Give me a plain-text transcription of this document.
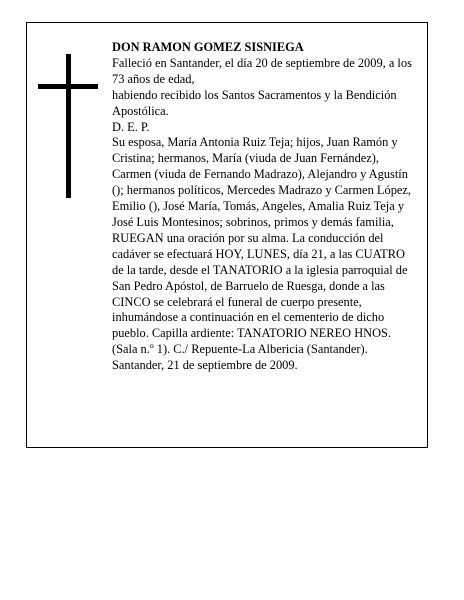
DON RAMON GOMEZ SISNIEGA

Falleció en Santander, el día 20 de septiembre de 2009, a los 73 años de edad,

habiendo recibido los Santos Sacramentos y la Bendición Apostólica.

D. E. P.

Su esposa, María Antonia Ruiz Teja; hijos, Juan Ramón y Cristina; hermanos, María (viuda de Juan Fernández), Carmen (viuda de Fernando Madrazo), Alejandro y Agustín (); hermanos políticos, Mercedes Madrazo y Carmen López, Emilio (), José María, Tomás, Angeles, Amalia Ruiz Teja y José Luis Montesinos; sobrinos, primos y demás familia,

RUEGAN una oración por su alma. La conducción del cadáver se efectuará HOY, LUNES, día 21, a las CUATRO de la tarde, desde el TANATORIO a la iglesia parroquial de San Pedro Apóstol, de Barruelo de Ruesga, donde a las CINCO se celebrará el funeral de cuerpo presente, inhumándose a continuación en el cementerio de dicho pueblo. Capilla ardiente: TANATORIO NEREO HNOS. (Sala n.º 1). C./ Repuente-La Albericia (Santander).

Santander, 21 de septiembre de 2009.
